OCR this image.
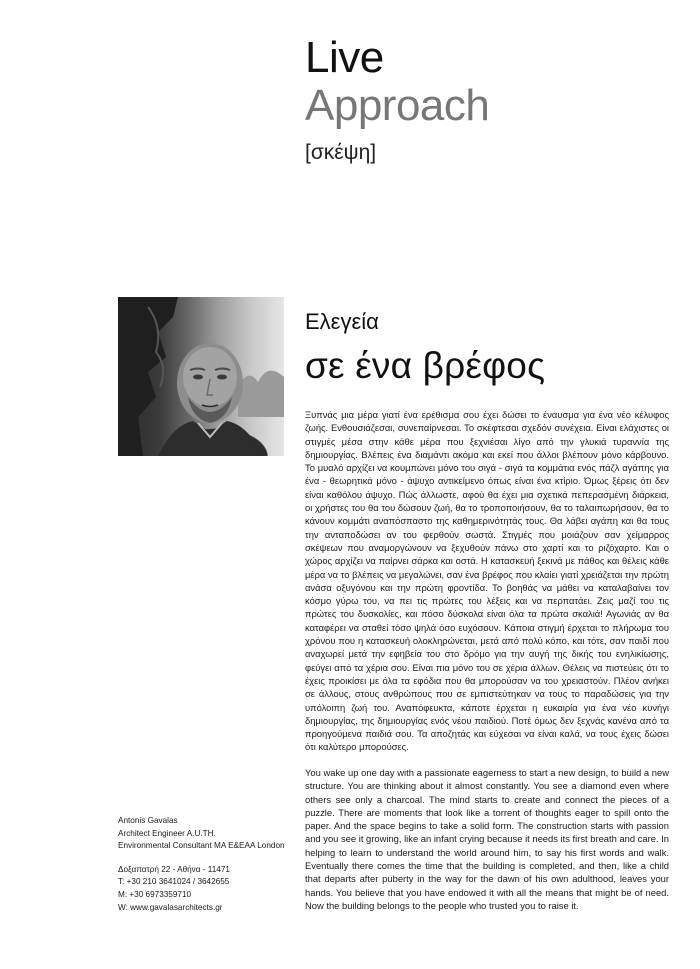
Live
Approach
[σκέψη]
Ελεγεία
σε ένα βρέφος
Ξυπνάς μια μέρα γιατί ένα ερέθισμα σου έχει δώσει το έναυσμα για ένα νέο κέλυφος ζωής. Ενθουσιάζεσαι, συνεπαίρνεσαι. Το σκέφτεσαι σχεδόν συνέχεια. Είναι ελάχιστες οι στιγμές μέσα στην κάθε μέρα που ξεχνιέσαι λίγο από την γλυκιά τυραννία της δημιουργίας. Βλέπεις ένα διαμάντι ακόμα και εκεί που άλλοι βλέπουν μόνο κάρβουνο. Το μυαλό αρχίζει να κουμπώνει μόνο του σιγά - σιγά τα κομμάτια ενός πάζλ αγάπης για ένα - θεωρητικά μόνο - άψυχο αντικείμενο όπως είναι ένα κτίριο. Όμως ξέρεις ότι δεν είναι καθόλου άψυχο. Πώς άλλωστε, αφού θα έχει μια σχετικά πεπερασμένη διάρκεια, οι χρήστες του θα του δώσουν ζωή, θα το τροποποιήσουν, θα το ταλαιπωρήσουν, θα το κάνουν κομμάτι αναπόσπαστο της καθημερινότητάς τους. Θα λάβει αγάπη και θα τους την ανταποδώσει αν του φερθούν σωστά. Στιγμές που μοιάζουν σαν χείμαρρος σκέψεων που αναμοργώνουν να ξεχυθούν πάνω στο χαρτί και το ριζόχαρτο. Και ο χώρος αρχίζει να παίρνει σάρκα και οστά. Η κατασκευή ξεκινά με πάθος και θέλεις κάθε μέρα να το βλέπεις να μεγαλώνει, σαν ένα βρέφος που κλαίει γιατί χρειάζεται την πρώτη ανάσα οξυγόνου και την πρώτη φροντίδα. Το βοηθάς να μάθει να καταλαβαίνει τον κόσμο γύρω του, να πει τις πρώτες του λέξεις και να περπατάει. Ζεις μαζί του τις πρώτες του δυσκολίες, και πόσο δύσκολα είναι όλα τα πρώτα σκαλιά! Αγωνιάς αν θα καταφέρει να σταθεί τόσο ψηλά όσο ευχόσουν. Κάποια στιγμή έρχεται το πλήρωμα του χρόνου που η κατασκευή ολοκληρώνεται, μετά από πολύ κόπο, και τότε, σαν παιδί που αναχωρεί μετά την εφηβεία του στο δρόμο για την αυγή της δικής του ενηλικίωσης, φεύγει από τα χέρια σου. Είναι πια μόνο του σε χέρια άλλων. Θέλεις να πιστεύεις ότι το έχεις προικίσει με όλα τα εφόδια που θα μπορούσαν να του χρειαστούν. Πλέον ανήκει σε άλλους, στους ανθρώπους που σε εμπιστεύτηκαν να τους το παραδώσεις για την υπόλοιπη ζωή του. Αναπόφευκτα, κάποτε έρχεται η ευκαιρία για ένα νέο κυνήγι δημιουργίας, της δημιουργίας ενός νέου παιδιού. Ποτέ όμως δεν ξεχνάς κανένα από τα προηγούμενα παιδιά σου. Τα αποζητάς και εύχεσαι να είναι καλά, να τους έχεις δώσει ότι καλύτερο μπορούσες.
You wake up one day with a passionate eagerness to start a new design, to build a new structure. You are thinking about it almost constantly. You see a diamond even where others see only a charcoal. The mind starts to create and connect the pieces of a puzzle. There are moments that look like a torrent of thoughts eager to spill onto the paper. And the space begins to take a solid form. The construction starts with passion and you see it growing, like an infant crying because it needs its first breath and care. In helping to learn to understand the world around him, to say his first words and walk. Eventually there comes the time that the building is completed, and then, like a child that departs after puberty in the way for the dawn of his own adulthood, leaves your hands. You believe that you have endowed it with all the means that might be of need. Now the building belongs to the people who trusted you to raise it.
Antonis Gavalas
Architect Engineer A.U.TH.
Environmental Consultant MA E&EAA London
Δοξαπατρή 22 - Αθήνα - 11471
T: +30 210 3641024 / 3642655
M: +30 6973359710
W: www.gavalasarchitects.gr
